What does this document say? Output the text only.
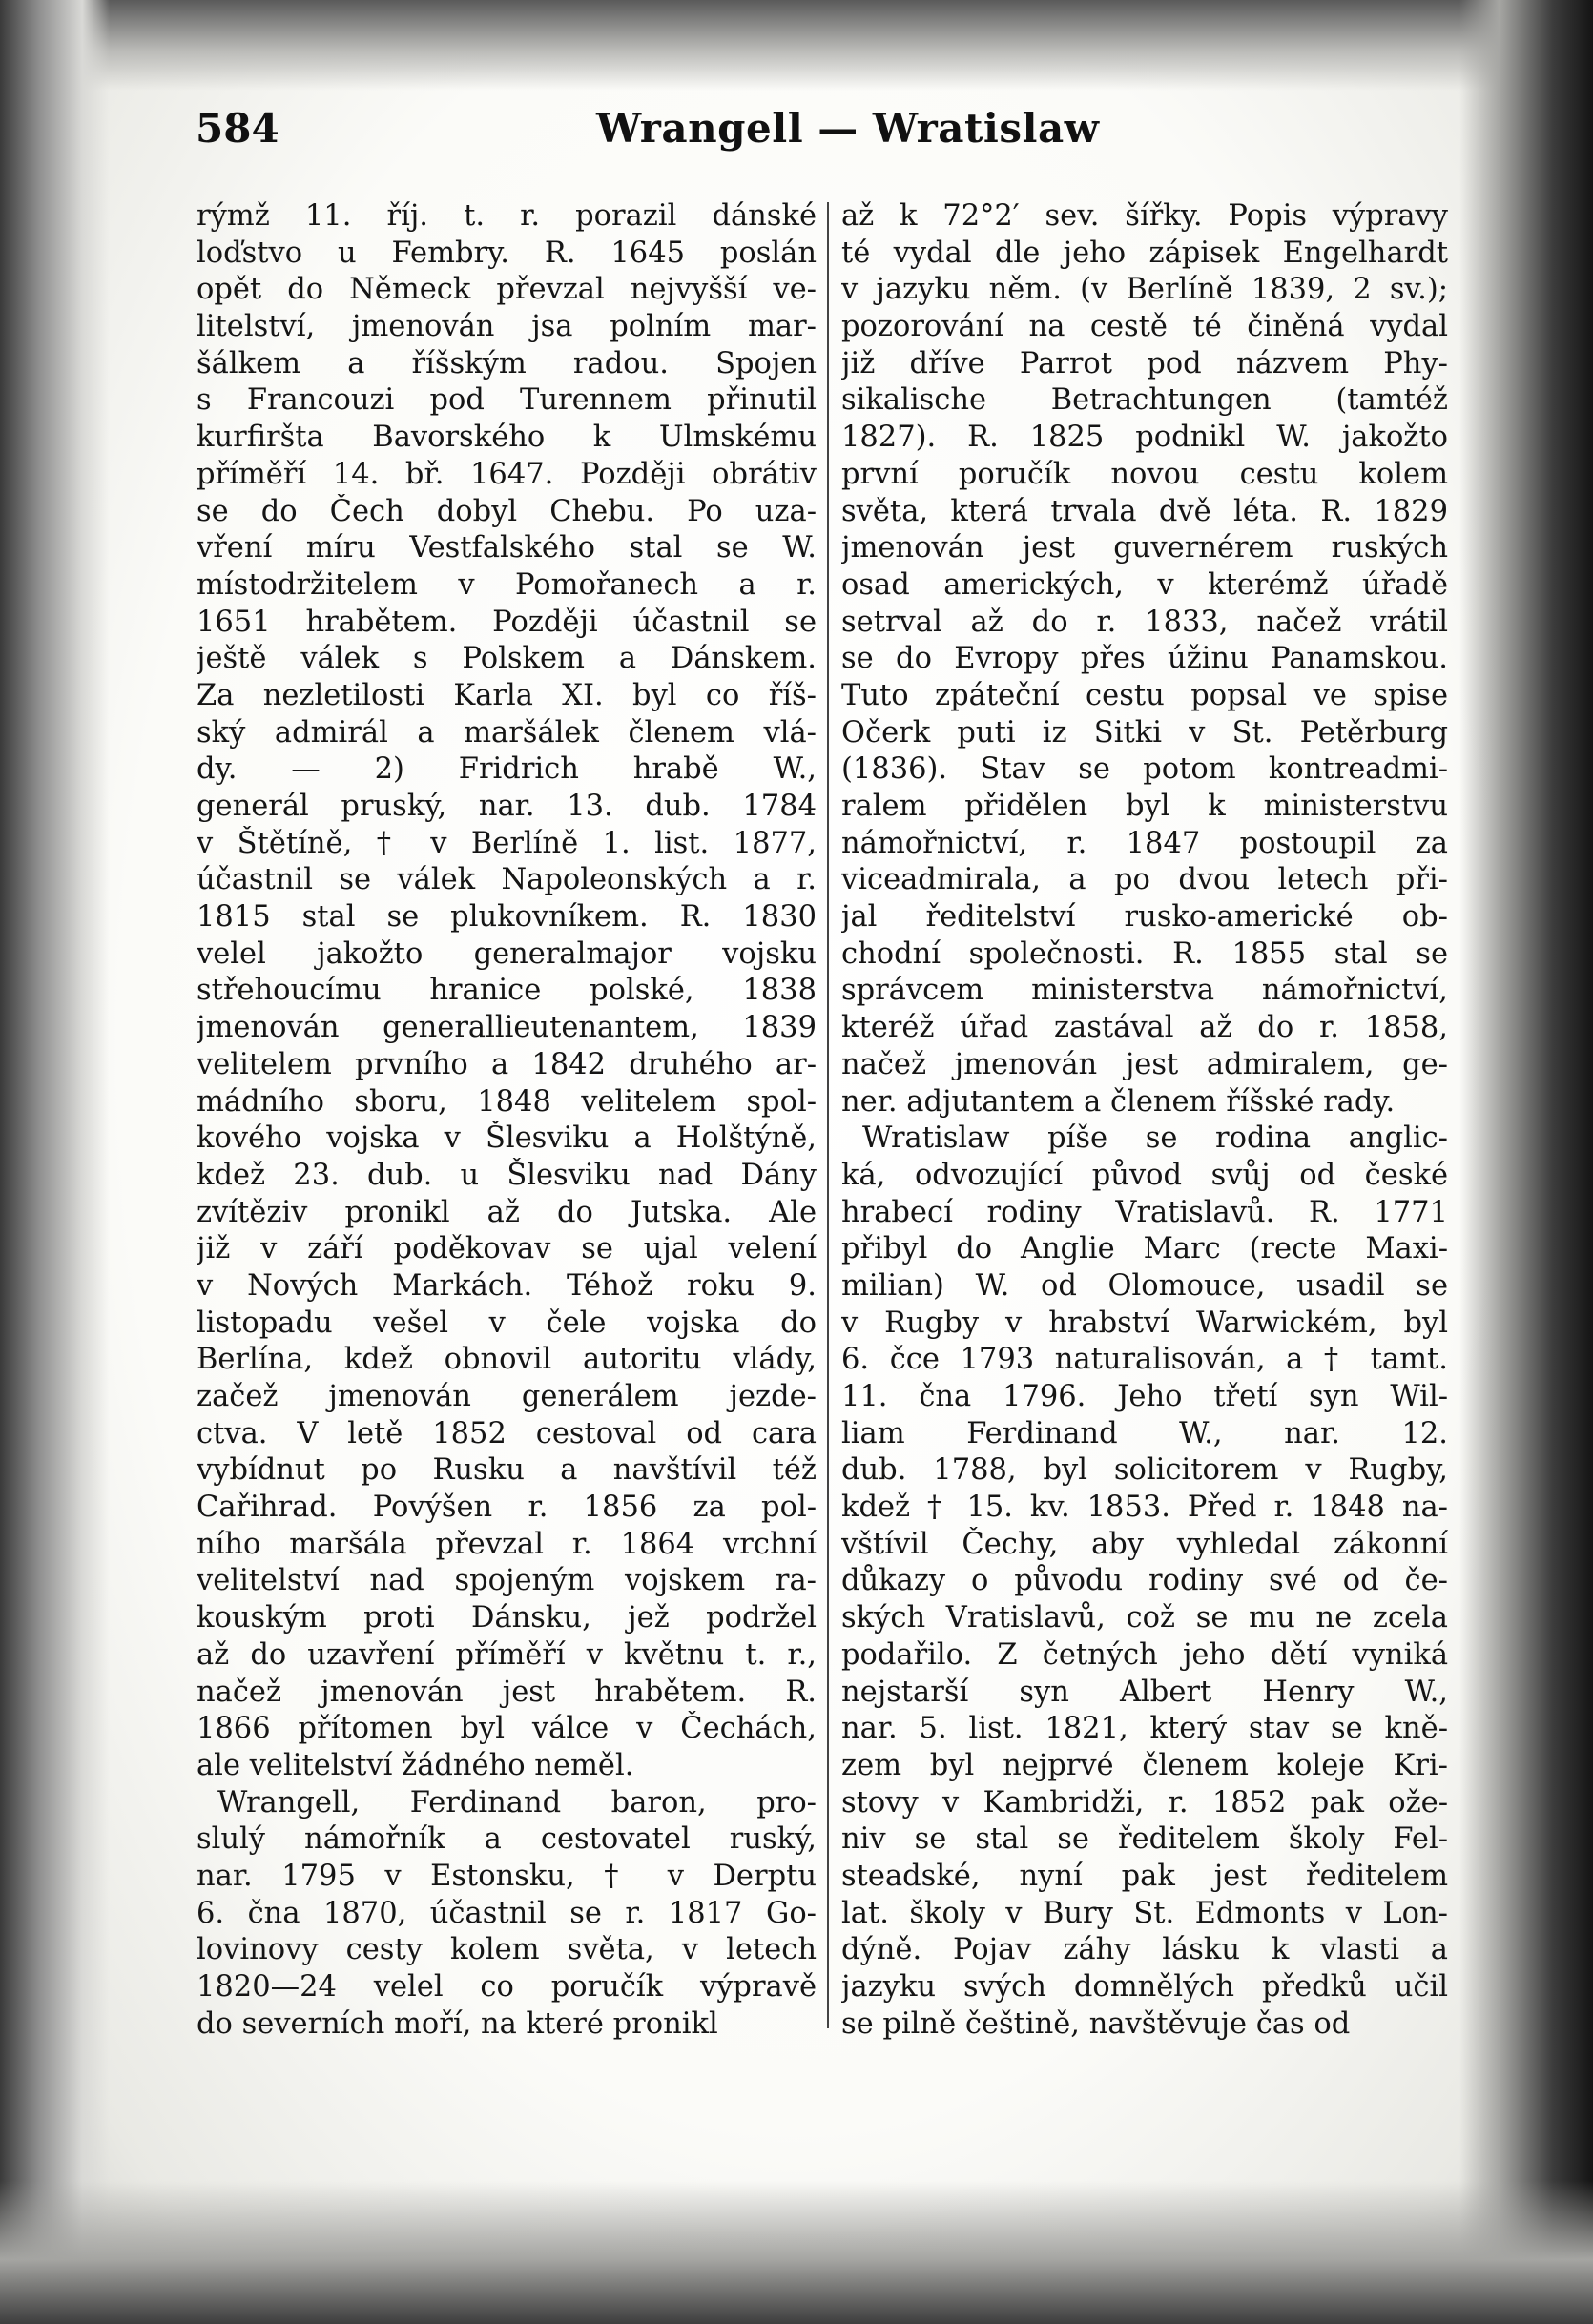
584	Wrangell — Wratislaw
rýmž 11. říj. t. r. porazil dánské
loďstvo u Fembry. R. 1645 poslán
opět do Německ převzal nejvyšší ve-
litelství, jmenován jsa polním mar-
šálkem a říšským radou. Spojen
s Francouzi pod Turennem přinutil
kurfiršta Bavorského k Ulmskému
příměří 14. bř. 1647. Později obrátiv
se do Čech dobyl Chebu. Po uza-
vření míru Vestfalského stal se W.
místodržitelem v Pomořanech a r.
1651 hrabětem. Později účastnil se
ještě válek s Polskem a Dánskem.
Za nezletilosti Karla XI. byl co říš-
ský admirál a maršálek členem vlá-
dy. — 2) Fridrich hrabě W.,
generál pruský, nar. 13. dub. 1784
v Štětíně, † v Berlíně 1. list. 1877,
účastnil se válek Napoleonských a r.
1815 stal se plukovníkem. R. 1830
velel jakožto generalmajor vojsku
střehoucímu hranice polské, 1838
jmenován generallieutenantem, 1839
velitelem prvního a 1842 druhého ar-
mádního sboru, 1848 velitelem spol-
kového vojska v Šlesviku a Holštýně,
kdež 23. dub. u Šlesviku nad Dány
zvítěziv pronikl až do Jutska. Ale
již v září poděkovav se ujal velení
v Nových Markách. Téhož roku 9.
listopadu vešel v čele vojska do
Berlína, kdež obnovil autoritu vlády,
začež jmenován generálem jezde-
ctva. V letě 1852 cestoval od cara
vybídnut po Rusku a navštívil též
Cařihrad. Povýšen r. 1856 za pol-
ního maršála převzal r. 1864 vrchní
velitelství nad spojeným vojskem ra-
kouským proti Dánsku, jež podržel
až do uzavření příměří v květnu t. r.,
načež jmenován jest hrabětem. R.
1866 přítomen byl válce v Čechách,
ale velitelství žádného neměl.
Wrangell, Ferdinand baron, pro-
slulý námořník a cestovatel ruský,
nar. 1795 v Estonsku, † v Derptu
6. čna 1870, účastnil se r. 1817 Go-
lovinovy cesty kolem světa, v letech
1820—24 velel co poručík výpravě
do severních moří, na které pronikl
až k 72°2′ sev. šířky. Popis výpravy
té vydal dle jeho zápisek Engelhardt
v jazyku něm. (v Berlíně 1839, 2 sv.);
pozorování na cestě té činěná vydal
již dříve Parrot pod názvem Phy-
sikalische Betrachtungen (tamtéž
1827). R. 1825 podnikl W. jakožto
první poručík novou cestu kolem
světa, která trvala dvě léta. R. 1829
jmenován jest guvernérem ruských
osad amerických, v kterémž úřadě
setrval až do r. 1833, načež vrátil
se do Evropy přes úžinu Panamskou.
Tuto zpáteční cestu popsal ve spise
Očerk puti iz Sitki v St. Petěrburg
(1836). Stav se potom kontreadmi-
ralem přidělen byl k ministerstvu
námořnictví, r. 1847 postoupil za
viceadmirala, a po dvou letech při-
jal ředitelství rusko-americké ob-
chodní společnosti. R. 1855 stal se
správcem ministerstva námořnictví,
kteréž úřad zastával až do r. 1858,
načež jmenován jest admiralem, ge-
ner. adjutantem a členem říšské rady.
Wratislaw píše se rodina anglic-
ká, odvozující původ svůj od české
hrabecí rodiny Vratislavů. R. 1771
přibyl do Anglie Marc (recte Maxi-
milian) W. od Olomouce, usadil se
v Rugby v hrabství Warwickém, byl
6. čce 1793 naturalisován, a † tamt.
11. čna 1796. Jeho třetí syn Wil-
liam Ferdinand W., nar. 12.
dub. 1788, byl solicitorem v Rugby,
kdež † 15. kv. 1853. Před r. 1848 na-
vštívil Čechy, aby vyhledal zákonní
důkazy o původu rodiny své od če-
ských Vratislavů, což se mu ne zcela
podařilo. Z četných jeho dětí vyniká
nejstarší syn Albert Henry W.,
nar. 5. list. 1821, který stav se kně-
zem byl nejprvé členem koleje Kri-
stovy v Kambridži, r. 1852 pak ože-
niv se stal se ředitelem školy Fel-
steadské, nyní pak jest ředitelem
lat. školy v Bury St. Edmonts v Lon-
dýně. Pojav záhy lásku k vlasti a
jazyku svých domnělých předků učil
se pilně češtině, navštěvuje čas od
